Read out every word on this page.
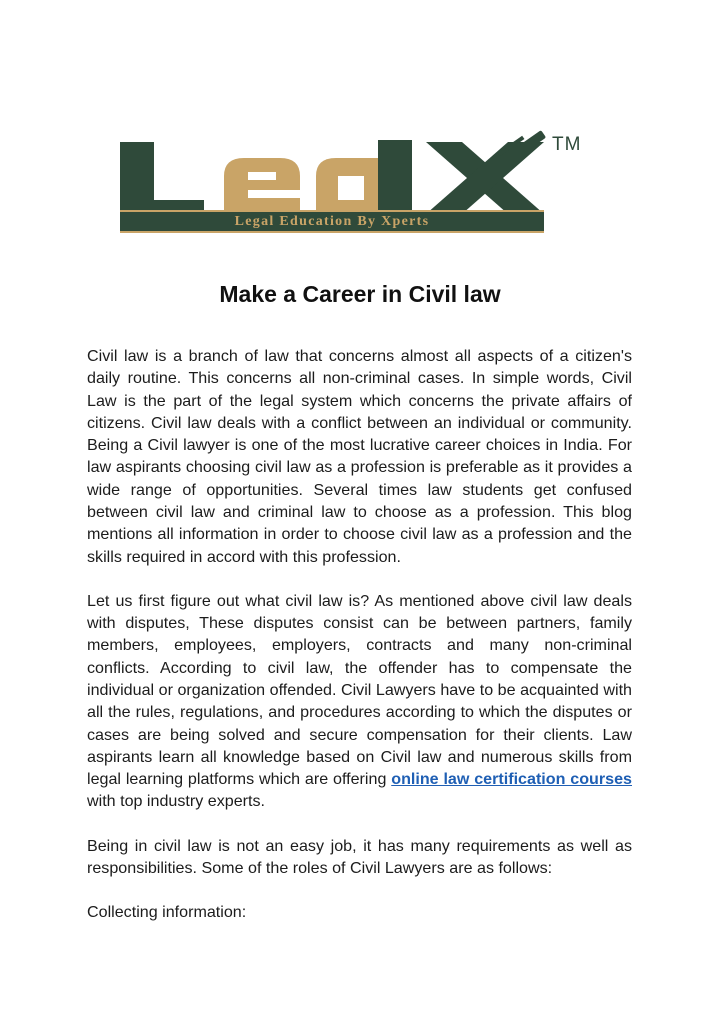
TM
Legal Education By Xperts
Make a Career in Civil law

Civil law is a branch of law that concerns almost all aspects of a citizen's daily routine. This concerns all non-criminal cases. In simple words, Civil Law is the part of the legal system which concerns the private affairs of citizens. Civil law deals with a conflict between an individual or community. Being a Civil lawyer is one of the most lucrative career choices in India. For law aspirants choosing civil law as a profession is preferable as it provides a wide range of opportunities. Several times law students get confused between civil law and criminal law to choose as a profession. This blog mentions all information in order to choose civil law as a profession and the skills required in accord with this profession.

Let us first figure out what civil law is? As mentioned above civil law deals with disputes, These disputes consist can be between partners, family members, employees, employers, contracts and many non-criminal conflicts. According to civil law, the offender has to compensate the individual or organization offended. Civil Lawyers have to be acquainted with all the rules, regulations, and procedures according to which the disputes or cases are being solved and secure compensation for their clients. Law aspirants learn all knowledge based on Civil law and numerous skills from legal learning platforms which are offering online law certification courses with top industry experts.

Being in civil law is not an easy job, it has many requirements as well as responsibilities. Some of the roles of Civil Lawyers are as follows:

Collecting information:
